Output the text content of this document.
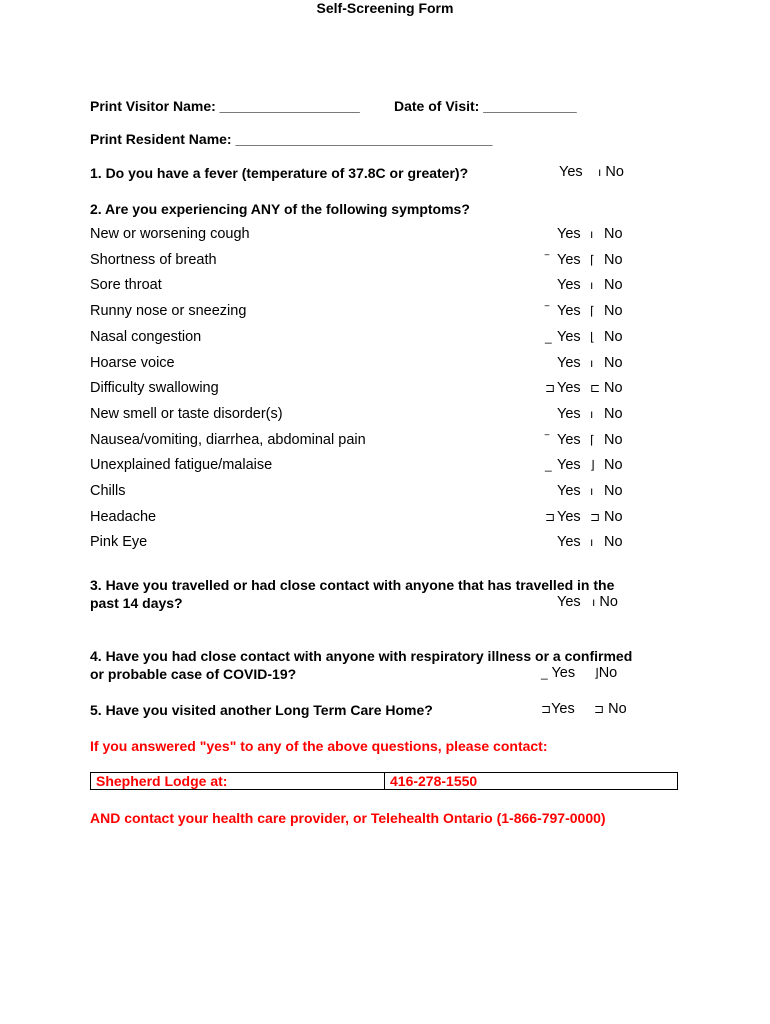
Self-Screening Form
Print Visitor Name: __________________ Date of Visit: ____________
Print Resident Name: _________________________________
1. Do you have a fever (temperature of 37.8C or greater)?	Yes ı No
2. Are you experiencing ANY of the following symptoms?
New or worsening cough	Yes ı No
Shortness of breath	‾ Yes ⌈ No
Sore throat	Yes ı No
Runny nose or sneezing	‾ Yes ⌈ No
Nasal congestion	_ Yes ⌊ No
Hoarse voice	Yes ı No
Difficulty swallowing	⊐ Yes ⊏ No
New smell or taste disorder(s)	Yes ı No
Nausea/vomiting, diarrhea, abdominal pain	‾ Yes ⌈ No
Unexplained fatigue/malaise	_ Yes ⌋ No
Chills	Yes ı No
Headache	⊐ Yes ⊐ No
Pink Eye	Yes ı No
3. Have you travelled or had close contact with anyone that has travelled in the
past 14 days?	Yes ı No
4. Have you had close contact with anyone with respiratory illness or a confirmed
or probable case of COVID-19?	_ Yes ⌋No
5. Have you visited another Long Term Care Home?	⊐Yes ⊐ No
If you answered "yes" to any of the above questions, please contact:
Shepherd Lodge at:	416-278-1550
AND contact your health care provider, or Telehealth Ontario (1-866-797-0000)
